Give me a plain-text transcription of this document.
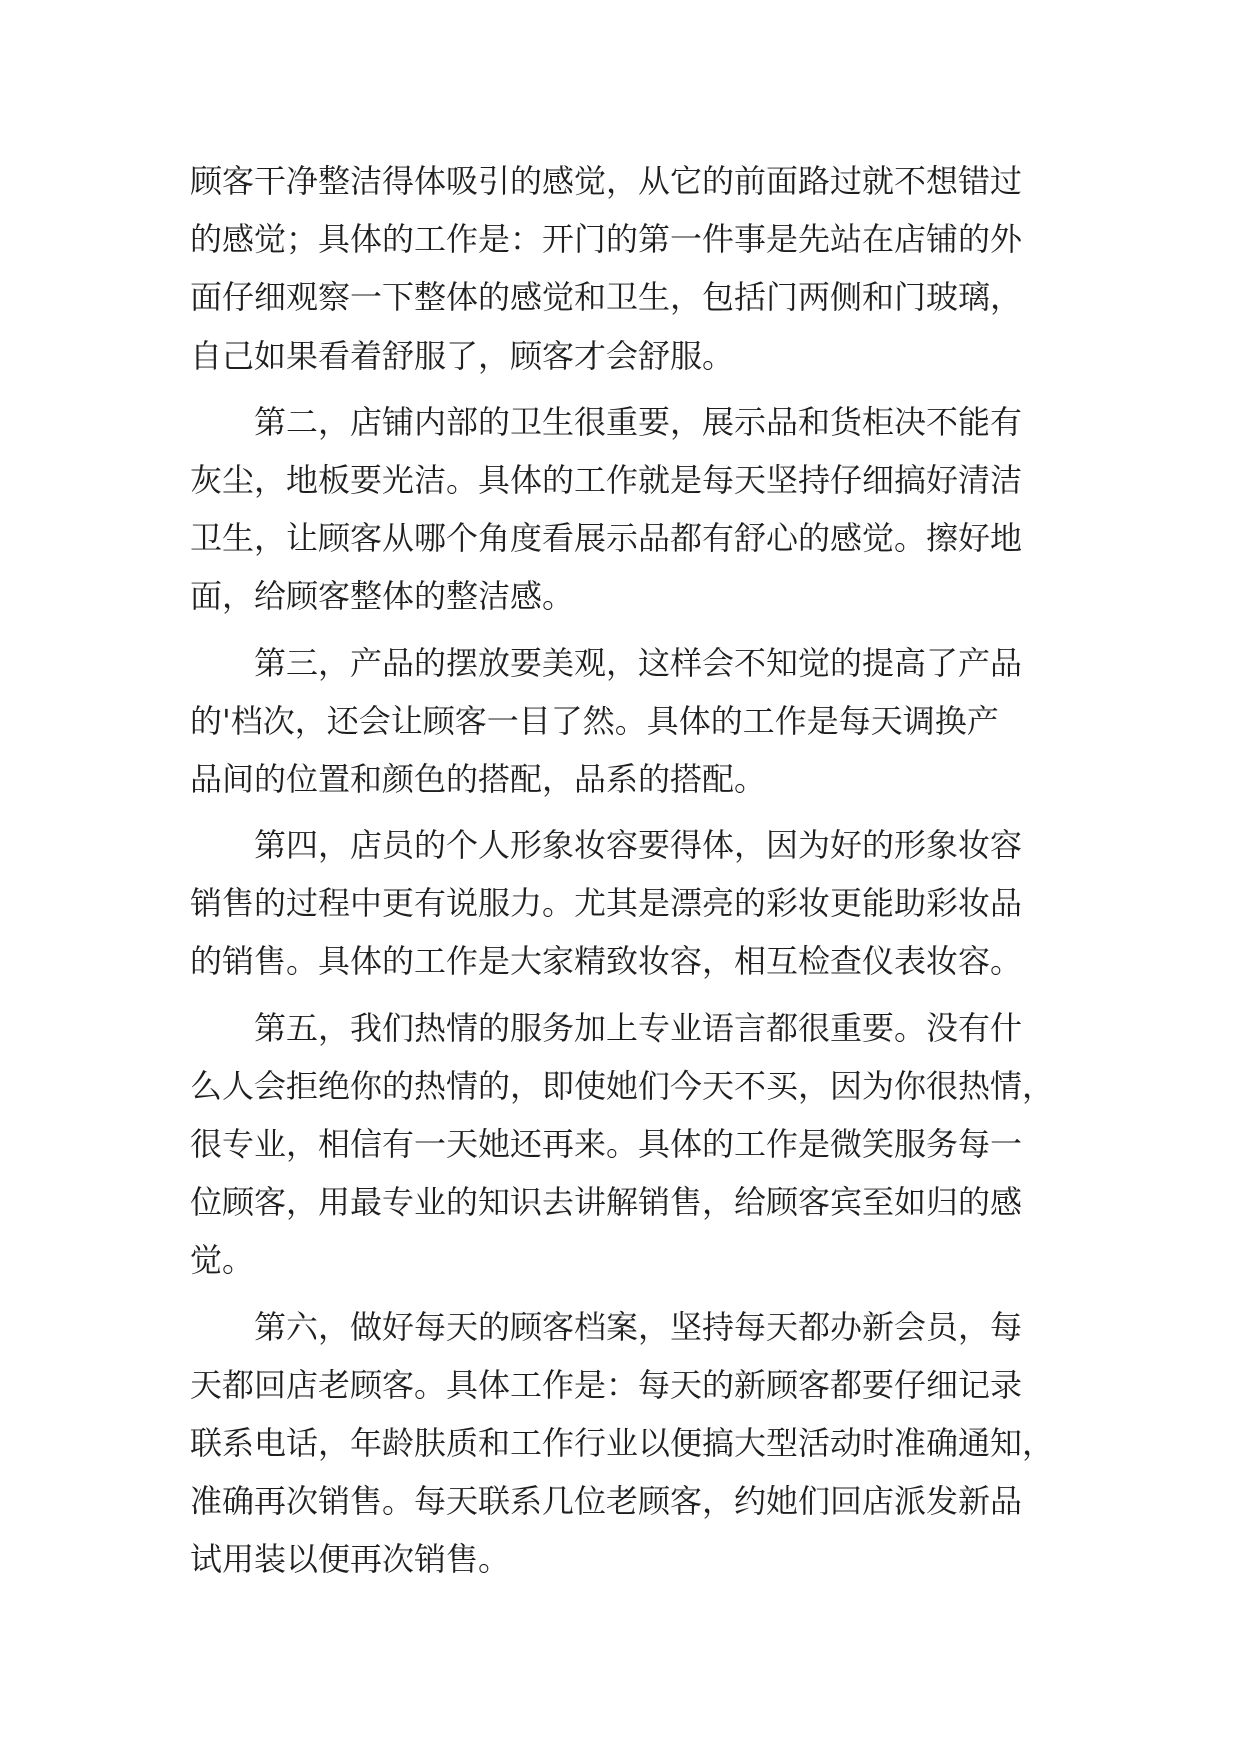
顾客干净整洁得体吸引的感觉，从它的前面路过就不想错过
的感觉；具体的工作是：开门的第一件事是先站在店铺的外
面仔细观察一下整体的感觉和卫生，包括门两侧和门玻璃，
自己如果看着舒服了，顾客才会舒服。

第二，店铺内部的卫生很重要，展示品和货柜决不能有
灰尘，地板要光洁。具体的工作就是每天坚持仔细搞好清洁
卫生，让顾客从哪个角度看展示品都有舒心的感觉。擦好地
面，给顾客整体的整洁感。

第三，产品的摆放要美观，这样会不知觉的提高了产品
的'档次，还会让顾客一目了然。具体的工作是每天调换产
品间的位置和颜色的搭配，品系的搭配。

第四，店员的个人形象妆容要得体，因为好的形象妆容
销售的过程中更有说服力。尤其是漂亮的彩妆更能助彩妆品
的销售。具体的工作是大家精致妆容，相互检查仪表妆容。

第五，我们热情的服务加上专业语言都很重要。没有什
么人会拒绝你的热情的，即使她们今天不买，因为你很热情，
很专业，相信有一天她还再来。具体的工作是微笑服务每一
位顾客，用最专业的知识去讲解销售，给顾客宾至如归的感
觉。

第六，做好每天的顾客档案，坚持每天都办新会员，每
天都回店老顾客。具体工作是：每天的新顾客都要仔细记录
联系电话，年龄肤质和工作行业以便搞大型活动时准确通知，
准确再次销售。每天联系几位老顾客，约她们回店派发新品
试用装以便再次销售。
